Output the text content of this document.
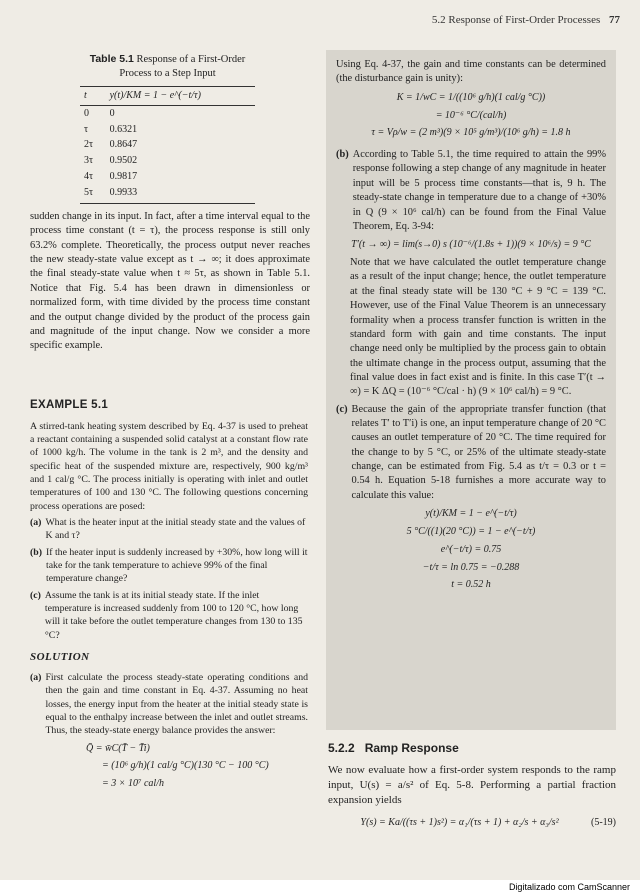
5.2 Response of First-Order Processes 77
Table 5.1 Response of a First-Order Process to a Step Input
t	y(t)/KM = 1 − e^(−t/τ)
0	0
τ	0.6321
2τ	0.8647
3τ	0.9502
4τ	0.9817
5τ	0.9933
sudden change in its input. In fact, after a time interval equal to the process time constant (t = τ), the process response is still only 63.2% complete. Theoretically, the process output never reaches the new steady-state value except as t → ∞; it does approximate the final steady-state value when t ≈ 5τ, as shown in Table 5.1. Notice that Fig. 5.4 has been drawn in dimensionless or normalized form, with time divided by the process time constant and the output change divided by the product of the process gain and magnitude of the input change. Now we consider a more specific example.
EXAMPLE 5.1
A stirred-tank heating system described by Eq. 4-37 is used to preheat a reactant containing a suspended solid catalyst at a constant flow rate of 1000 kg/h. The volume in the tank is 2 m³, and the density and specific heat of the suspended mixture are, respectively, 900 kg/m³ and 1 cal/g °C. The process initially is operating with inlet and outlet temperatures of 100 and 130 °C. The following questions concerning process operations are posed:
(a) What is the heater input at the initial steady state and the values of K and τ?
(b) If the heater input is suddenly increased by +30%, how long will it take for the tank temperature to achieve 99% of the final temperature change?
(c) Assume the tank is at its initial steady state. If the inlet temperature is increased suddenly from 100 to 120 °C, how long will it take before the outlet temperature changes from 130 to 135 °C?
SOLUTION
(a) First calculate the process steady-state operating conditions and then the gain and time constant in Eq. 4-37. Assuming no heat losses, the energy input from the heater at the initial steady state is equal to the enthalpy increase between the inlet and outlet streams. Thus, the steady-state energy balance provides the answer:
Q̄ = w̄C(T̄ − T̄i)
= (10⁶ g/h)(1 cal/g °C)(130 °C − 100 °C)
= 3 × 10⁷ cal/h
Using Eq. 4-37, the gain and time constants can be determined (the disturbance gain is unity):
K = 1/wC = 1/((10⁶ g/h)(1 cal/g °C))
= 10⁻⁶ °C/(cal/h)
τ = Vρ/w = (2 m³)(9 × 10⁵ g/m³)/(10⁶ g/h) = 1.8 h
(b) According to Table 5.1, the time required to attain the 99% response following a step change of any magnitude in heater input will be 5 process time constants—that is, 9 h. The steady-state change in temperature due to a change of +30% in Q (9 × 10⁶ cal/h) can be found from the Final Value Theorem, Eq. 3-94:
T′(t → ∞) = lim(s→0) s (10⁻⁶/(1.8s + 1))(9 × 10⁶/s) = 9 °C
Note that we have calculated the outlet temperature change as a result of the input change; hence, the outlet temperature at the final steady state will be 130 °C + 9 °C = 139 °C. However, use of the Final Value Theorem is an unnecessary formality when a process transfer function is written in the standard form with gain and time constants. The input change need only be multiplied by the process gain to obtain the ultimate change in the process output, assuming that the final value does in fact exist and is finite. In this case T′(t → ∞) = K ΔQ = (10⁻⁶ °C/cal · h) (9 × 10⁶ cal/h) = 9 °C.
(c) Because the gain of the appropriate transfer function (that relates T′ to T′i) is one, an input temperature change of 20 °C causes an outlet temperature of 20 °C. The time required for the change to by 5 °C, or 25% of the ultimate steady-state change, can be estimated from Fig. 5.4 as t/τ = 0.3 or t = 0.54 h. Equation 5-18 furnishes a more accurate way to calculate this value:
y(t)/KM = 1 − e^(−t/τ)
5 °C/((1)(20 °C)) = 1 − e^(−t/τ)
e^(−t/τ) = 0.75
−t/τ = ln 0.75 = −0.288
t = 0.52 h
5.2.2 Ramp Response
We now evaluate how a first-order system responds to the ramp input, U(s) = a/s² of Eq. 5-8. Performing a partial fraction expansion yields
(5-19)
Y(s) = Ka/((τs + 1)s²) = α₁/(τs + 1) + α₂/s + α₃/s²
Digitalizado com CamScanner
